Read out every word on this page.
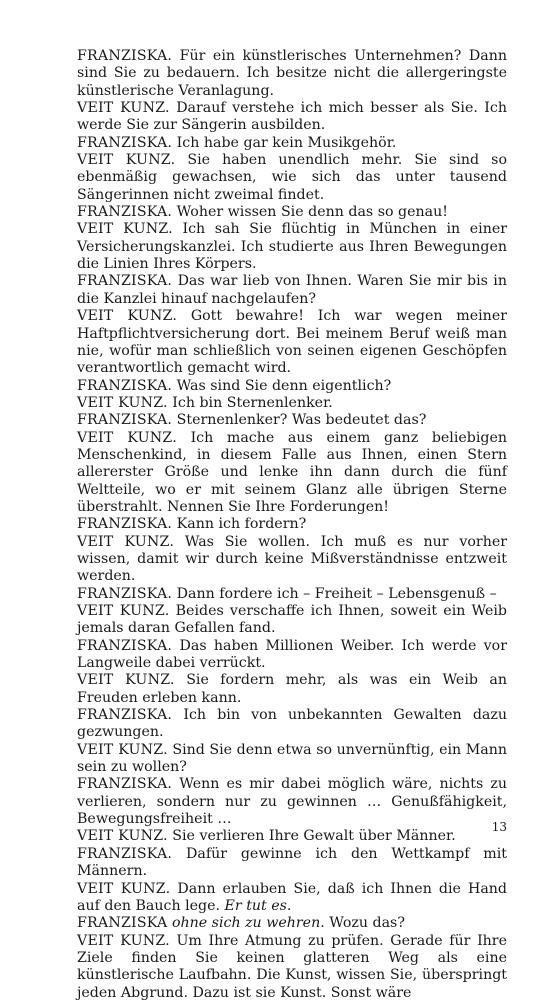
FRANZISKA. Für ein künstlerisches Unternehmen? Dann sind Sie zu bedauern. Ich besitze nicht die allergeringste künstlerische Veranlagung.

VEIT KUNZ. Darauf verstehe ich mich besser als Sie. Ich werde Sie zur Sängerin ausbilden.

FRANZISKA. Ich habe gar kein Musikgehör.

VEIT KUNZ. Sie haben unendlich mehr. Sie sind so ebenmäßig gewachsen, wie sich das unter tausend Sängerinnen nicht zweimal findet.

FRANZISKA. Woher wissen Sie denn das so genau!

VEIT KUNZ. Ich sah Sie flüchtig in München in einer Versicherungskanzlei. Ich studierte aus Ihren Bewegungen die Linien Ihres Körpers.

FRANZISKA. Das war lieb von Ihnen. Waren Sie mir bis in die Kanzlei hinauf nachgelaufen?

VEIT KUNZ. Gott bewahre! Ich war wegen meiner Haftpflichtversicherung dort. Bei meinem Beruf weiß man nie, wofür man schließlich von seinen eigenen Geschöpfen verantwortlich gemacht wird.

FRANZISKA. Was sind Sie denn eigentlich?

VEIT KUNZ. Ich bin Sternenlenker.

FRANZISKA. Sternenlenker? Was bedeutet das?

VEIT KUNZ. Ich mache aus einem ganz beliebigen Menschenkind, in diesem Falle aus Ihnen, einen Stern allererster Größe und lenke ihn dann durch die fünf Weltteile, wo er mit seinem Glanz alle übrigen Sterne überstrahlt. Nennen Sie Ihre Forderungen!

FRANZISKA. Kann ich fordern?

VEIT KUNZ. Was Sie wollen. Ich muß es nur vorher wissen, damit wir durch keine Mißverständnisse entzweit werden.

FRANZISKA. Dann fordere ich – Freiheit – Lebensgenuß –

VEIT KUNZ. Beides verschaffe ich Ihnen, soweit ein Weib jemals daran Gefallen fand.

FRANZISKA. Das haben Millionen Weiber. Ich werde vor Langweile dabei verrückt.

VEIT KUNZ. Sie fordern mehr, als was ein Weib an Freuden erleben kann.

FRANZISKA. Ich bin von unbekannten Gewalten dazu gezwungen.

VEIT KUNZ. Sind Sie denn etwa so unvernünftig, ein Mann sein zu wollen?

FRANZISKA. Wenn es mir dabei möglich wäre, nichts zu verlieren, sondern nur zu gewinnen … Genußfähigkeit, Bewegungsfreiheit …

VEIT KUNZ. Sie verlieren Ihre Gewalt über Männer.

FRANZISKA. Dafür gewinne ich den Wettkampf mit Männern.

VEIT KUNZ. Dann erlauben Sie, daß ich Ihnen die Hand auf den Bauch lege. Er tut es.

FRANZISKA ohne sich zu wehren. Wozu das?

VEIT KUNZ. Um Ihre Atmung zu prüfen. Gerade für Ihre Ziele finden Sie keinen glatteren Weg als eine künstlerische Laufbahn. Die Kunst, wissen Sie, überspringt jeden Abgrund. Dazu ist sie Kunst. Sonst wäre

13
